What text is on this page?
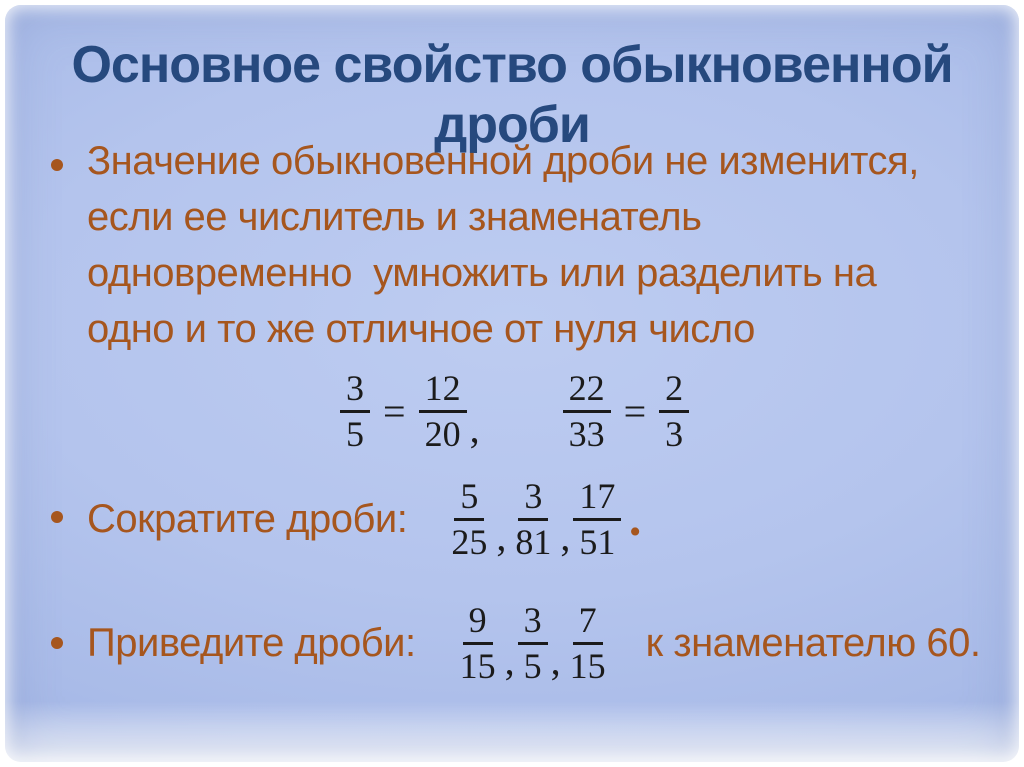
Основное свойство обыкновенной дроби
Значение обыкновенной дроби не изменится,
если ее числитель и знаменатель
одновременно  умножить или разделить на
одно и то же отличное от нуля число
$\frac{3}{5} = \frac{12}{20}$ , $\frac{22}{33} = \frac{2}{3}$
Сократите дроби: $\frac{5}{25}$ , $\frac{3}{81}$ , $\frac{17}{51}$ .
Приведите дроби: $\frac{9}{15}$ , $\frac{3}{5}$ , $\frac{7}{15}$ к знаменателю 60.
